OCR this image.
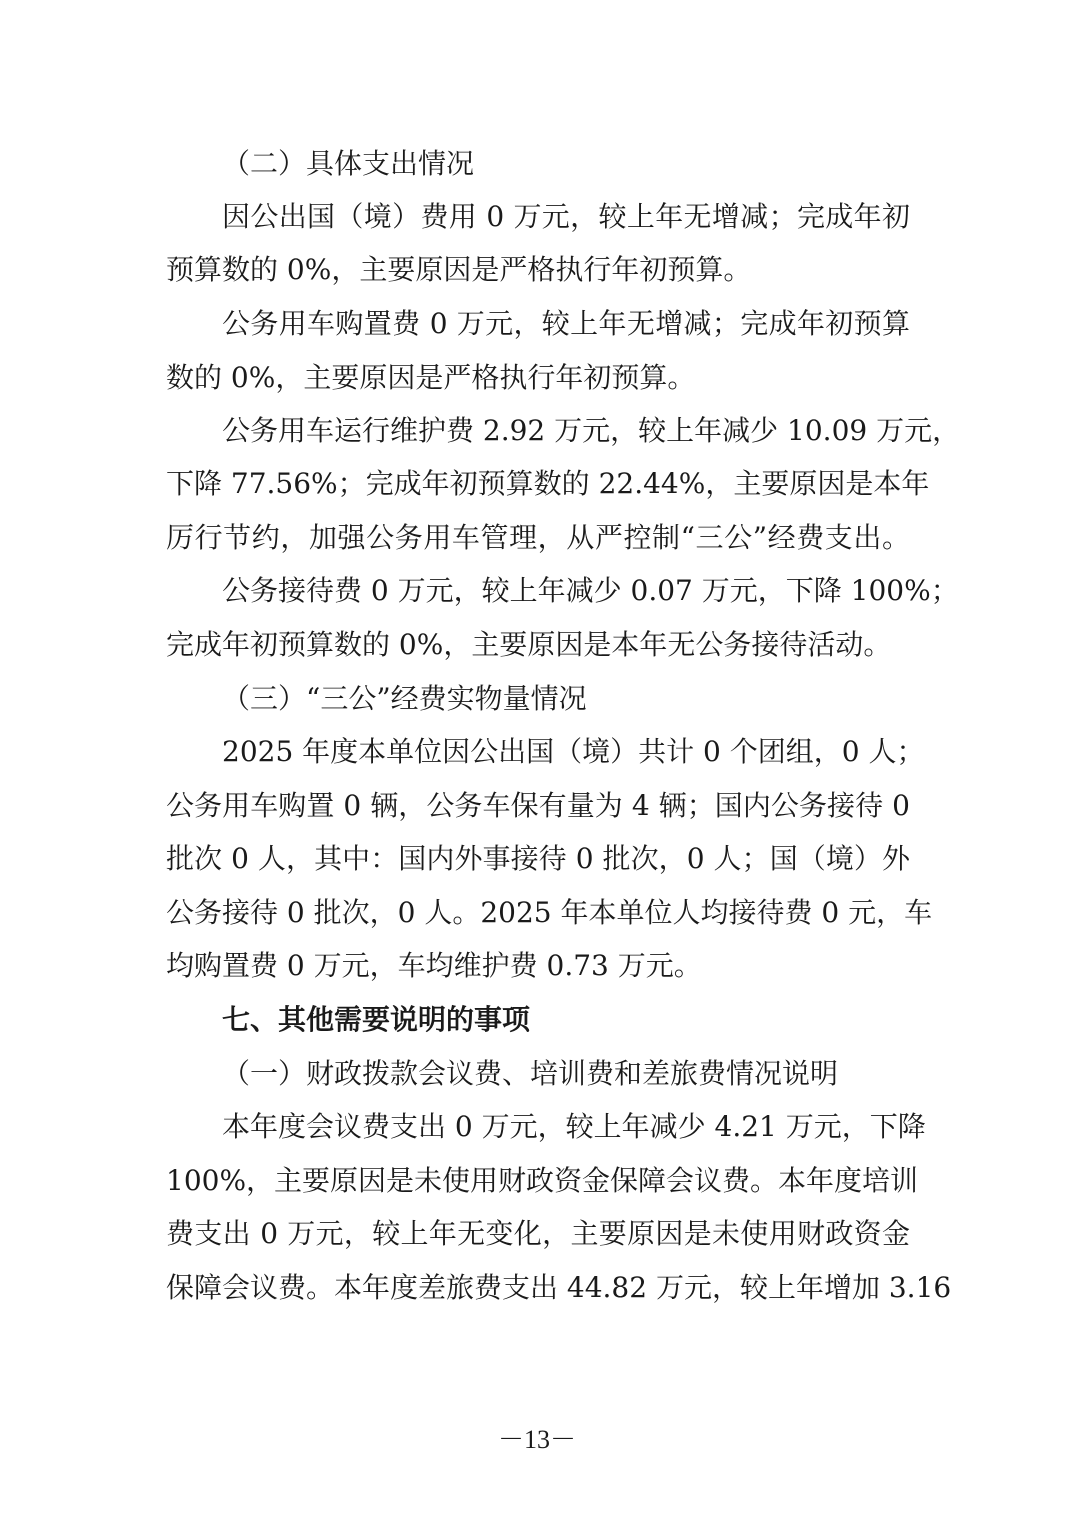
（二）具体支出情况
因公出国（境）费用 0 万元，较上年无增减；完成年初
预算数的 0%，主要原因是严格执行年初预算。
公务用车购置费 0 万元，较上年无增减；完成年初预算
数的 0%，主要原因是严格执行年初预算。
公务用车运行维护费 2.92 万元，较上年减少 10.09 万元，
下降 77.56%；完成年初预算数的 22.44%，主要原因是本年
厉行节约，加强公务用车管理，从严控制“三公”经费支出。
公务接待费 0 万元，较上年减少 0.07 万元，下降 100%；
完成年初预算数的 0%，主要原因是本年无公务接待活动。
（三）“三公”经费实物量情况
2025 年度本单位因公出国（境）共计 0 个团组，0 人；
公务用车购置 0 辆，公务车保有量为 4 辆；国内公务接待 0
批次 0 人，其中：国内外事接待 0 批次，0 人；国（境）外
公务接待 0 批次，0 人。2025 年本单位人均接待费 0 元，车
均购置费 0 万元，车均维护费 0.73 万元。
七、其他需要说明的事项
（一）财政拨款会议费、培训费和差旅费情况说明
本年度会议费支出 0 万元，较上年减少 4.21 万元，下降
100%，主要原因是未使用财政资金保障会议费。本年度培训
费支出 0 万元，较上年无变化，主要原因是未使用财政资金
保障会议费。本年度差旅费支出 44.82 万元，较上年增加 3.16
－13－
